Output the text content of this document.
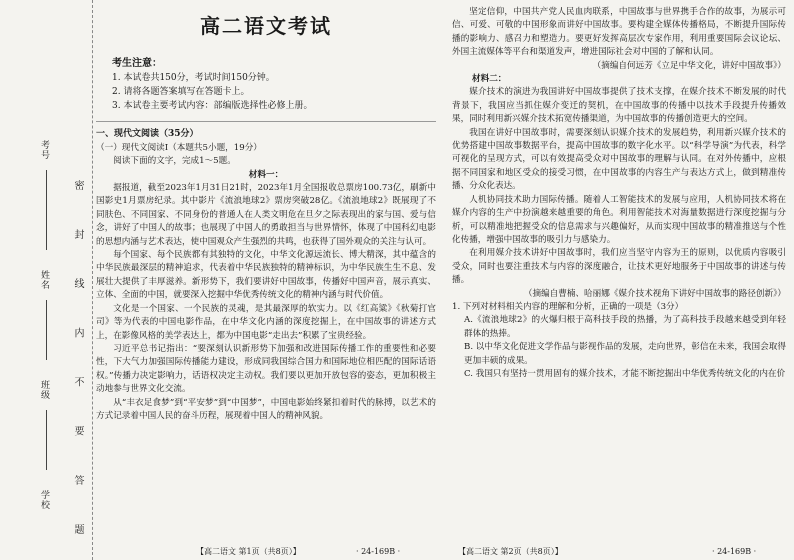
考号
姓名
班级
学校 密 封 线 内 不 要 答 题
高二语文考试
考生注意：
1. 本试卷共150分，考试时间150分钟。
2. 请将各题答案填写在答题卡上。
3. 本试卷主要考试内容：部编版选择性必修上册。
一、现代文阅读（35分）
（一）现代文阅读Ⅰ（本题共5小题，19分）

阅读下面的文字，完成1～5题。

材料一：

据报道，截至2023年1月31日21时，2023年1月全国报收总票房100.73亿，刷新中国影史1月票房纪录。其中影片《流浪地球2》票房突破28亿。《流浪地球2》既展现了不同肤色、不同国家、不同身份的普通人在人类文明危在旦夕之际表现出的家与国、爱与信念，讲好了中国人的故事；也展现了中国人的勇敢担当与世界情怀，体现了中国科幻电影的思想内涵与艺术表达，使中国观众产生强烈的共鸣，也获得了国外观众的关注与认可。

每个国家、每个民族都有其独特的文化，中华文化源远流长、博大精深，其中蕴含的中华民族最深层的精神追求，代表着中华民族独特的精神标识，为中华民族生生不息、发展壮大提供了丰厚滋养。新形势下，我们要讲好中国故事，传播好中国声音，展示真实、立体、全面的中国，就要深入挖掘中华优秀传统文化的精神内涵与时代价值。

文化是一个国家、一个民族的灵魂，是其最深厚的软实力。以《红高粱》《秋菊打官司》等为代表的中国电影作品，在中华文化内涵的深度挖掘上，在中国故事的讲述方式上，在影像风格的美学表达上，都为中国电影“走出去”积累了宝贵经验。

习近平总书记指出：“要深刻认识新形势下加强和改进国际传播工作的重要性和必要性，下大气力加强国际传播能力建设，形成同我国综合国力和国际地位相匹配的国际话语权。”传播力决定影响力，话语权决定主动权。我们要以更加开放包容的姿态，更加积极主动地参与世界文化交流。

从“丰衣足食梦”到“平安梦”到“中国梦”，中国电影始终紧扣着时代的脉搏，以艺术的方式记录着中国人民的奋斗历程，展现着中国人的精神风貌。

【高二语文 第1页（共8页）】	· 24-169B ·

坚定信仰，中国共产党人民血肉联系，中国故事与世界携手合作的故事，为展示可信、可爱、可敬的中国形象而讲好中国故事。要构建全媒体传播格局，不断提升国际传播的影响力、感召力和塑造力。要更好发挥高层次专家作用，利用重要国际会议论坛、外国主流媒体等平台和渠道发声，增进国际社会对中国的了解和认同。

（摘编自何远芳《立足中华文化，讲好中国故事》）
材料二：

媒介技术的演进为我国讲好中国故事提供了技术支撑，在媒介技术不断发展的时代背景下，我国应当抓住媒介变迁的契机，在中国故事的传播中以技术手段提升传播效果，同时利用新兴媒介技术拓宽传播渠道，为中国故事的传播创造更大的空间。

我国在讲好中国故事时，需要深刻认识媒介技术的发展趋势，利用新兴媒介技术的优势搭建中国故事数据平台，提高中国故事的数字化水平。以“科学导演”为代表，科学可视化的呈现方式，可以有效提高受众对中国故事的理解与认同。在对外传播中，应根据不同国家和地区受众的接受习惯，在中国故事的内容生产与表达方式上，做到精准传播、分众化表达。

人机协同技术助力国际传播。随着人工智能技术的发展与应用，人机协同技术将在媒介内容的生产中扮演越来越重要的角色。利用智能技术对海量数据进行深度挖掘与分析，可以精准地把握受众的信息需求与兴趣偏好，从而实现中国故事的精准推送与个性化传播，增强中国故事的吸引力与感染力。

在利用媒介技术讲好中国故事时，我们应当坚守内容为王的原则，以优质内容吸引受众，同时也要注重技术与内容的深度融合，让技术更好地服务于中国故事的讲述与传播。

（摘编自曹楠、哈丽娜《媒介技术视角下讲好中国故事的路径创新》）

1. 下列对材料相关内容的理解和分析，正确的一项是（3分）

A.《流浪地球2》的火爆归根于高科技手段的热播，为了高科技手段越来越受到年轻群体的热捧。

B. 以中华文化促进文学作品与影视作品的发展，走向世界，彰信在未来，我国会取得更加丰硕的成果。

C. 我国只有坚持一贯用固有的媒介技术，才能不断挖掘出中华优秀传统文化的内在价

【高二语文 第2页（共8页）】	· 24-169B ·
